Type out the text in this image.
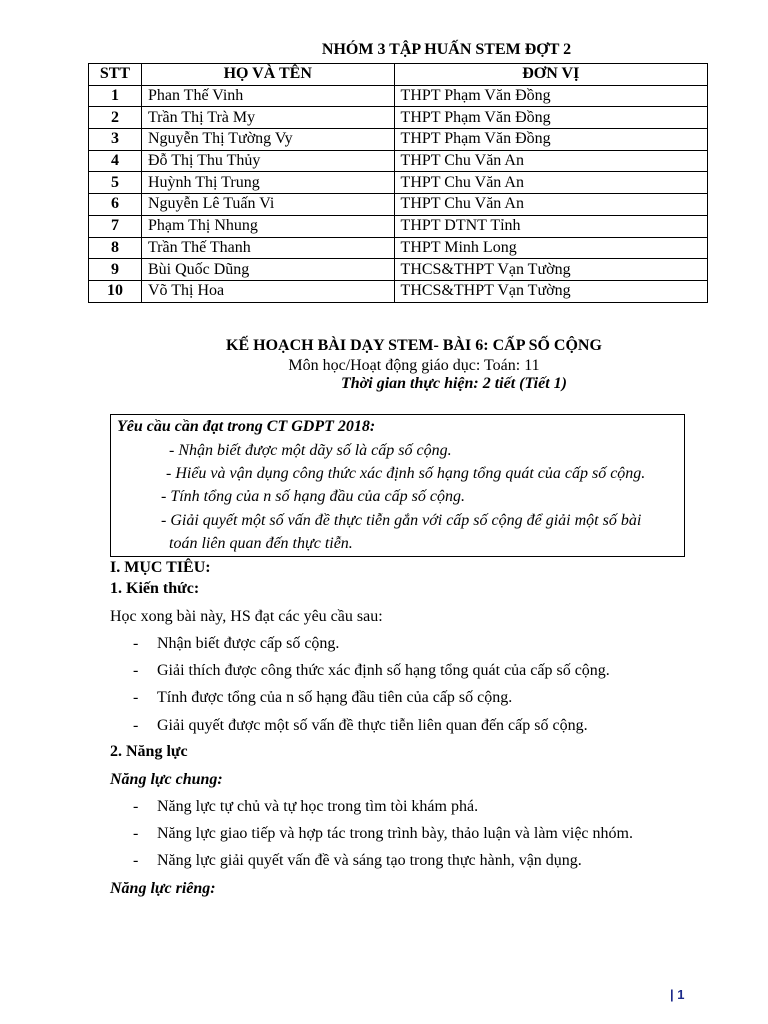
NHÓM 3 TẬP HUẤN STEM ĐỢT 2
STT	HỌ VÀ TÊN	ĐƠN VỊ
1	Phan Thế Vinh	THPT Phạm Văn Đồng
2	Trần Thị Trà My	THPT Phạm Văn Đồng
3	Nguyễn Thị Tường Vy	THPT Phạm Văn Đồng
4	Đỗ Thị Thu Thủy	THPT Chu Văn An
5	Huỳnh Thị Trung	THPT Chu Văn An
6	Nguyễn Lê Tuấn Vi	THPT Chu Văn An
7	Phạm Thị Nhung	THPT DTNT Tỉnh
8	Trần Thế Thanh	THPT Minh Long
9	Bùi Quốc Dũng	THCS&THPT Vạn Tường
10	Võ Thị Hoa	THCS&THPT Vạn Tường
KẾ HOẠCH BÀI DẠY STEM- BÀI 6: CẤP SỐ CỘNG
Môn học/Hoạt động giáo dục: Toán: 11
Thời gian thực hiện: 2 tiết (Tiết 1)
Yêu cầu cần đạt trong CT GDPT 2018:
- Nhận biết được một dãy số là cấp số cộng.
- Hiểu và vận dụng công thức xác định số hạng tổng quát của cấp số cộng.
- Tính tổng của n số hạng đầu của cấp số cộng.
- Giải quyết một số vấn đề thực tiễn gắn với cấp số cộng để giải một số bài
toán liên quan đến thực tiễn.
I. MỤC TIÊU:
1. Kiến thức:
Học xong bài này, HS đạt các yêu cầu sau:
- Nhận biết được cấp số cộng.
- Giải thích được công thức xác định số hạng tổng quát của cấp số cộng.
- Tính được tổng của n số hạng đầu tiên của cấp số cộng.
- Giải quyết được một số vấn đề thực tiễn liên quan đến cấp số cộng.
2. Năng lực
Năng lực chung:
- Năng lực tự chủ và tự học trong tìm tòi khám phá.
- Năng lực giao tiếp và hợp tác trong trình bày, thảo luận và làm việc nhóm.
- Năng lực giải quyết vấn đề và sáng tạo trong thực hành, vận dụng.
Năng lực riêng:
| 1
